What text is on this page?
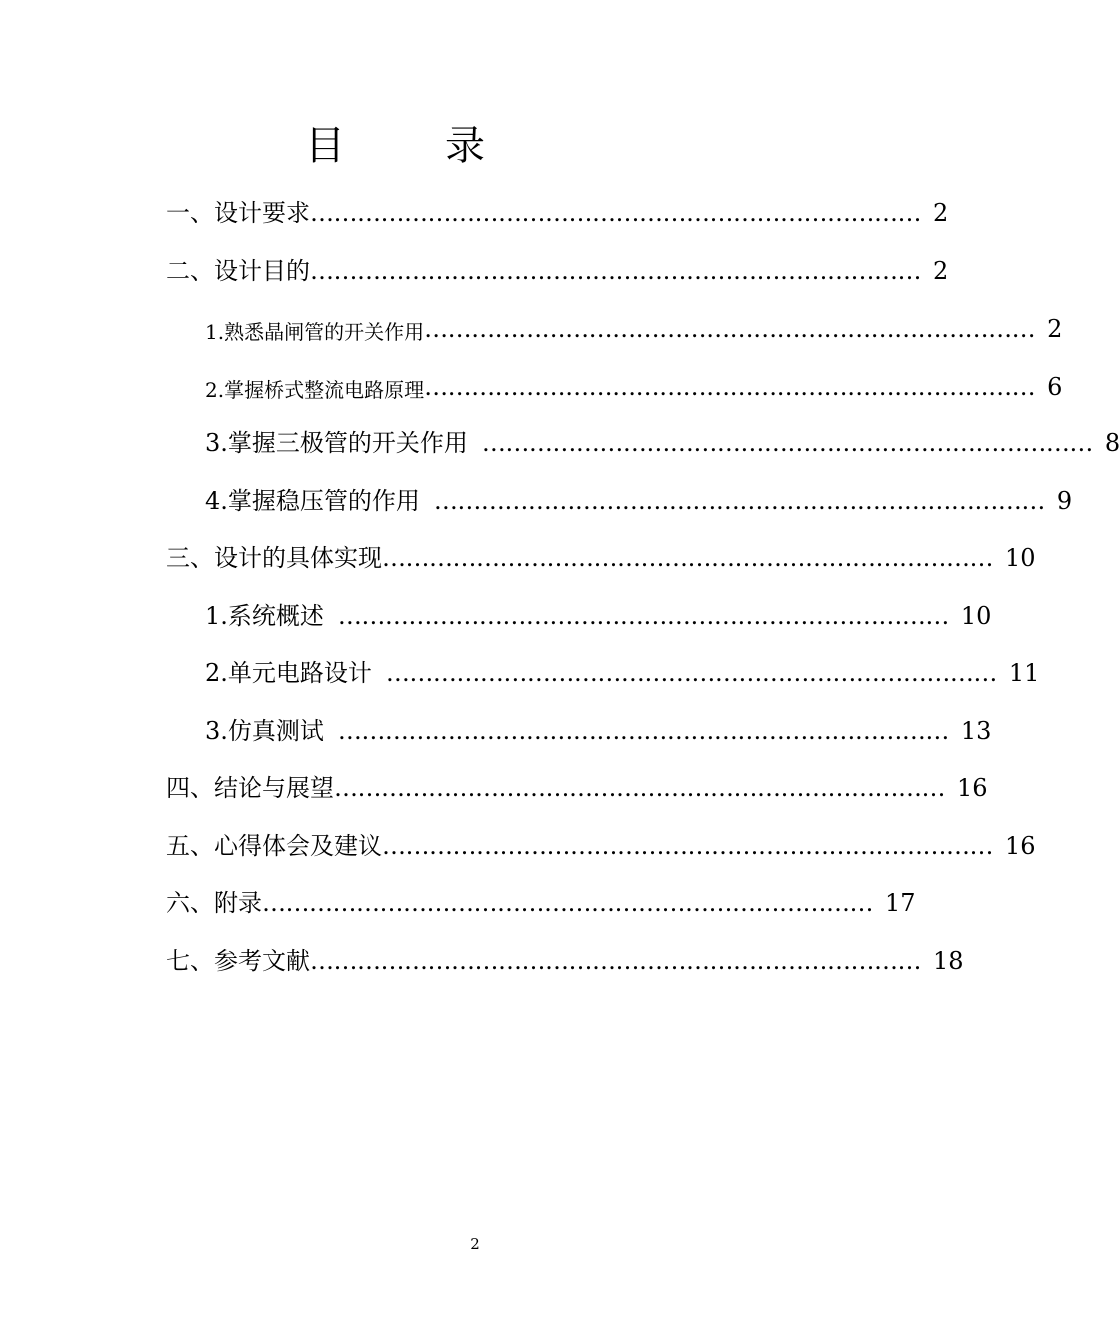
目	录
一、设计要求 …………………………………………………………………… 2
二、设计目的 …………………………………………………………………… 2
1.熟悉晶闸管的开关作用 …………………………………………………………………… 2
2.掌握桥式整流电路原理 …………………………………………………………………… 6
3.掌握三极管的开关作用 …………………………………………………………………… 8
4.掌握稳压管的作用 …………………………………………………………………… 9
三、设计的具体实现 …………………………………………………………………… 10
1.系统概述 …………………………………………………………………… 10
2.单元电路设计 …………………………………………………………………… 11
3.仿真测试 …………………………………………………………………… 13
四、结论与展望 …………………………………………………………………… 16
五、心得体会及建议 …………………………………………………………………… 16
六、附录 …………………………………………………………………… 17
七、参考文献 …………………………………………………………………… 18
2
